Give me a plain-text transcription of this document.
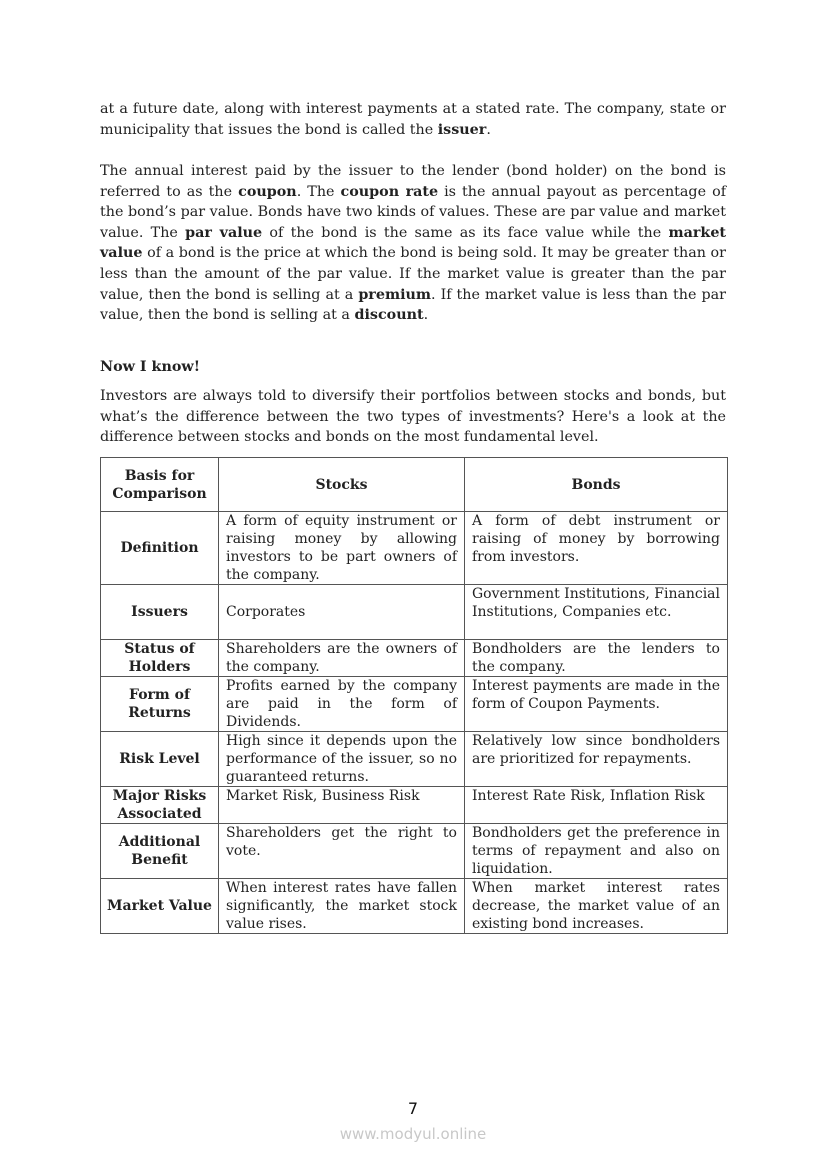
at a future date, along with interest payments at a stated rate. The company, state or municipality that issues the bond is called the issuer.
The annual interest paid by the issuer to the lender (bond holder) on the bond is referred to as the coupon. The coupon rate is the annual payout as percentage of the bond’s par value. Bonds have two kinds of values. These are par value and market value. The par value of the bond is the same as its face value while the market value of a bond is the price at which the bond is being sold. It may be greater than or less than the amount of the par value. If the market value is greater than the par value, then the bond is selling at a premium. If the market value is less than the par value, then the bond is selling at a discount.
Now I know!
Investors are always told to diversify their portfolios between stocks and bonds, but what’s the difference between the two types of investments? Here's a look at the difference between stocks and bonds on the most fundamental level.
Basis for Comparison	Stocks	Bonds
Definition	A form of equity instrument or raising money by allowing investors to be part owners of the company.	A form of debt instrument or raising of money by borrowing from investors.
Issuers	Corporates	Government Institutions, Financial Institutions, Companies etc.
Status of Holders	Shareholders are the owners of the company.	Bondholders are the lenders to the company.
Form of Returns	Profits earned by the company are paid in the form of Dividends.	Interest payments are made in the form of Coupon Payments.
Risk Level	High since it depends upon the performance of the issuer, so no guaranteed returns.	Relatively low since bondholders are prioritized for repayments.
Major Risks Associated	Market Risk, Business Risk	Interest Rate Risk, Inflation Risk
Additional Benefit	Shareholders get the right to vote.	Bondholders get the preference in terms of repayment and also on liquidation.
Market Value	When interest rates have fallen significantly, the market stock value rises.	When market interest rates decrease, the market value of an existing bond increases.
7
www.modyul.online
